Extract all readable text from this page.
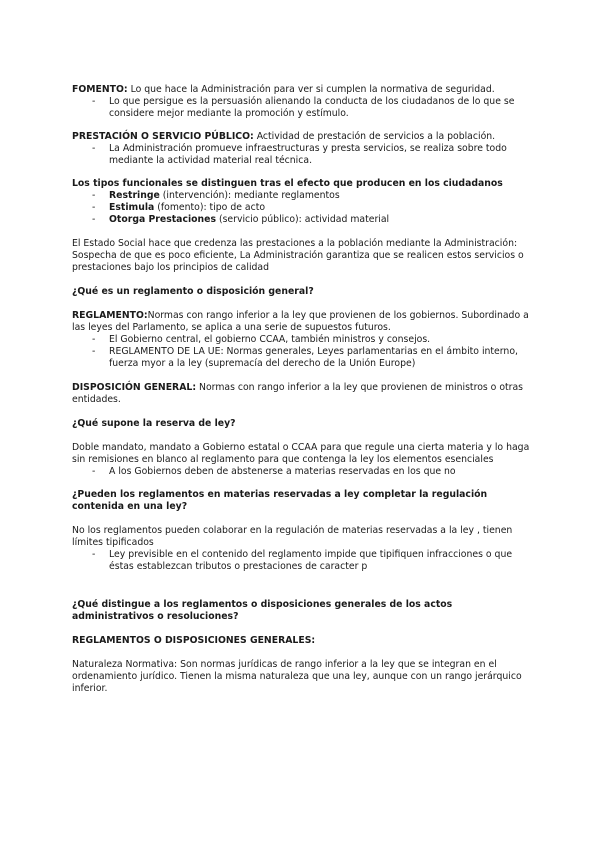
FOMENTO: Lo que hace la Administración para ver si cumplen la normativa de seguridad.

- Lo que persigue es la persuasión alienando la conducta de los ciudadanos de lo que se considere mejor mediante la promoción y estímulo.

PRESTACIÓN O SERVICIO PÚBLICO: Actividad de prestación de servicios a la población.

- La Administración promueve infraestructuras y presta servicios, se realiza sobre todo mediante la actividad material real técnica.

Los tipos funcionales se distinguen tras el efecto que producen en los ciudadanos

- Restringe (intervención): mediante reglamentos
- Estimula (fomento): tipo de acto
- Otorga Prestaciones (servicio público): actividad material

El Estado Social hace que credenza las prestaciones a la población mediante la Administración: Sospecha de que es poco eficiente, La Administración garantiza que se realicen estos servicios o prestaciones bajo los principios de calidad

¿Qué es un reglamento o disposición general?

REGLAMENTO:Normas con rango inferior a la ley que provienen de los gobiernos. Subordinado a las leyes del Parlamento, se aplica a una serie de supuestos futuros.

- El Gobierno central, el gobierno CCAA, también ministros y consejos.
- REGLAMENTO DE LA UE: Normas generales, Leyes parlamentarias en el ámbito interno, fuerza myor a la ley (supremacía del derecho de la Unión Europe)

DISPOSICIÓN GENERAL: Normas con rango inferior a la ley que provienen de ministros o otras entidades.

¿Qué supone la reserva de ley?

Doble mandato, mandato a Gobierno estatal o CCAA para que regule una cierta materia y lo haga sin remisiones en blanco al reglamento para que contenga la ley los elementos esenciales

- A los Gobiernos deben de abstenerse a materias reservadas en los que no

¿Pueden los reglamentos en materias reservadas a ley completar la regulación contenida en una ley?

No los reglamentos pueden colaborar en la regulación de materias reservadas a la ley , tienen límites tipificados

- Ley previsible en el contenido del reglamento impide que tipifiquen infracciones o que éstas establezcan tributos o prestaciones de caracter p

¿Qué distingue a los reglamentos o disposiciones generales de los actos administrativos o resoluciones?

REGLAMENTOS O DISPOSICIONES GENERALES:

Naturaleza Normativa: Son normas jurídicas de rango inferior a la ley que se integran en el ordenamiento jurídico. Tienen la misma naturaleza que una ley, aunque con un rango jerárquico inferior.
